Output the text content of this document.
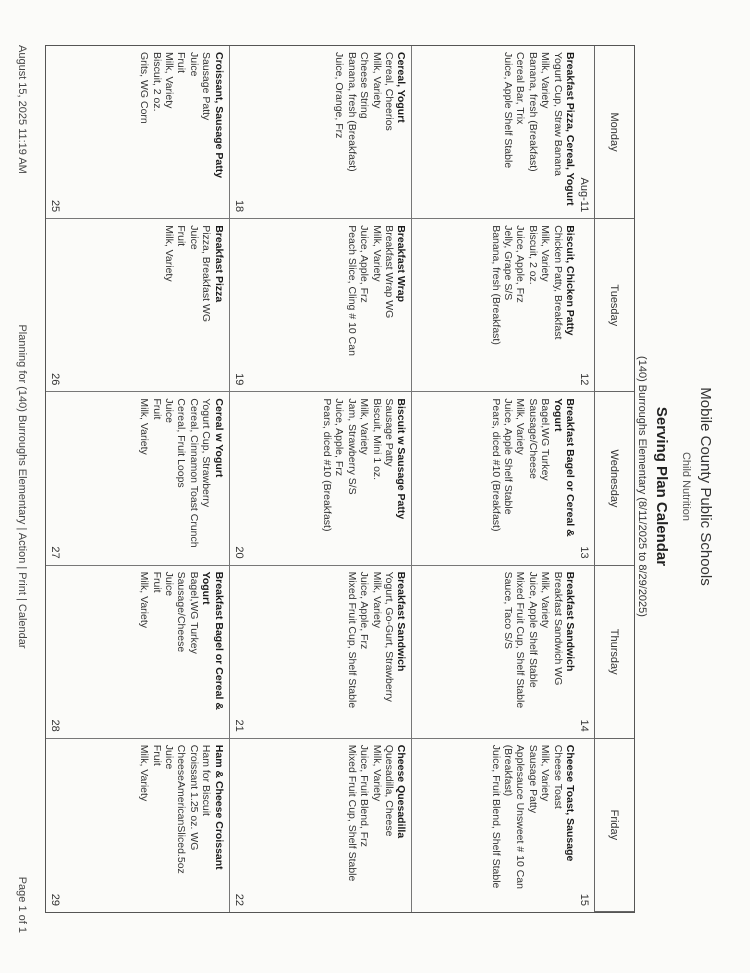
Mobile County Public Schools
Child Nutrition
Serving Plan Calendar
(140) Burroughs Elementary (8/11/2025 to 8/29/2025)
Monday
Tuesday
Wednesday
Thursday
Friday
Breakfast Pizza, Cereal, Yogurt
Yogurt Cup, Straw Banana
Milk, Variety
Banana, fresh (Breakfast)
Cereal Bar, Trix
Juice, Apple Shelf Stable
Aug-11
Biscuit, Chicken Patty
Chicken Patty, Breakfast
Milk, Variety
Biscuit, 2 oz.
Juice, Apple, Frz
Jelly, Grape S/S
Banana, fresh (Breakfast)
12
Breakfast Bagel or Cereal & Yogurt
Bagel,WG Turkey
Sausage/Cheese
Milk, Variety
Juice, Apple Shelf Stable
Pears, diced #10 (Breakfast)
13
Breakfast Sandwich
Breakfast Sandwich WG
Milk, Variety
Juice, Apple Shelf Stable
Mixed Fruit Cup, Shelf Stable
Sauce, Taco S/S
14
Cheese Toast, Sausage
Cheese Toast
Milk, Variety
Sausage Patty
Applesauce Unsweet # 10 Can (Breakfast)
Juice, Fruit Blend, Shelf Stable
15
Cereal, Yogurt
Cereal, Cheerios
Milk, Variety
Cheese String
Banana, fresh (Breakfast)
Juice, Orange, Frz
18
Breakfast Wrap
Breakfast Wrap WG
Milk, Variety
Juice, Apple, Frz
Peach Slice, Cling # 10 Can
19
Biscuit w Sausage Patty
Sausage Patty
Biscuit, Mini 1 oz.
Milk, Variety
Jam, Strawberry S/S
Juice, Apple, Frz
Pears, diced #10 (Breakfast)
20
Breakfast Sandwich
Yogurt, Go-Gurt, Strawberry
Milk, Variety
Juice, Apple, Frz
Mixed Fruit Cup, Shelf Stable
21
Cheese Quesadilla
Quesadilla, Cheese
Milk, Variety
Juice, Fruit Blend, Frz
Mixed Fruit Cup, Shelf Stable
22
Croissant, Sausage Patty
Sausage Patty
Juice
Fruit
Milk, Variety
Biscuit, 2 oz.
Grits, WG Corn
25
Breakfast Pizza
Pizza, Breakfast WG
Juice
Fruit
Milk, Variety
26
Cereal w Yogurt
Yogurt Cup, Strawberry
Cereal, Cinnamon Toast Crunch
Cereal, Fruit Loops
Juice
Fruit
Milk, Variety
27
Breakfast Bagel or Cereal & Yogurt
Bagel,WG Turkey
Sausage/Cheese
Juice
Fruit
Milk, Variety
28
Ham & Cheese Croissant
Ham for Biscuit
Croissant 1.25 oz. WG
CheeseAmericanSliced.5oz
Juice
Fruit
Milk, Variety
29
August 15, 2025 11:19 AM
Planning for (140) Burroughs Elementary | Action | Print | Calendar
Page 1 of 1
